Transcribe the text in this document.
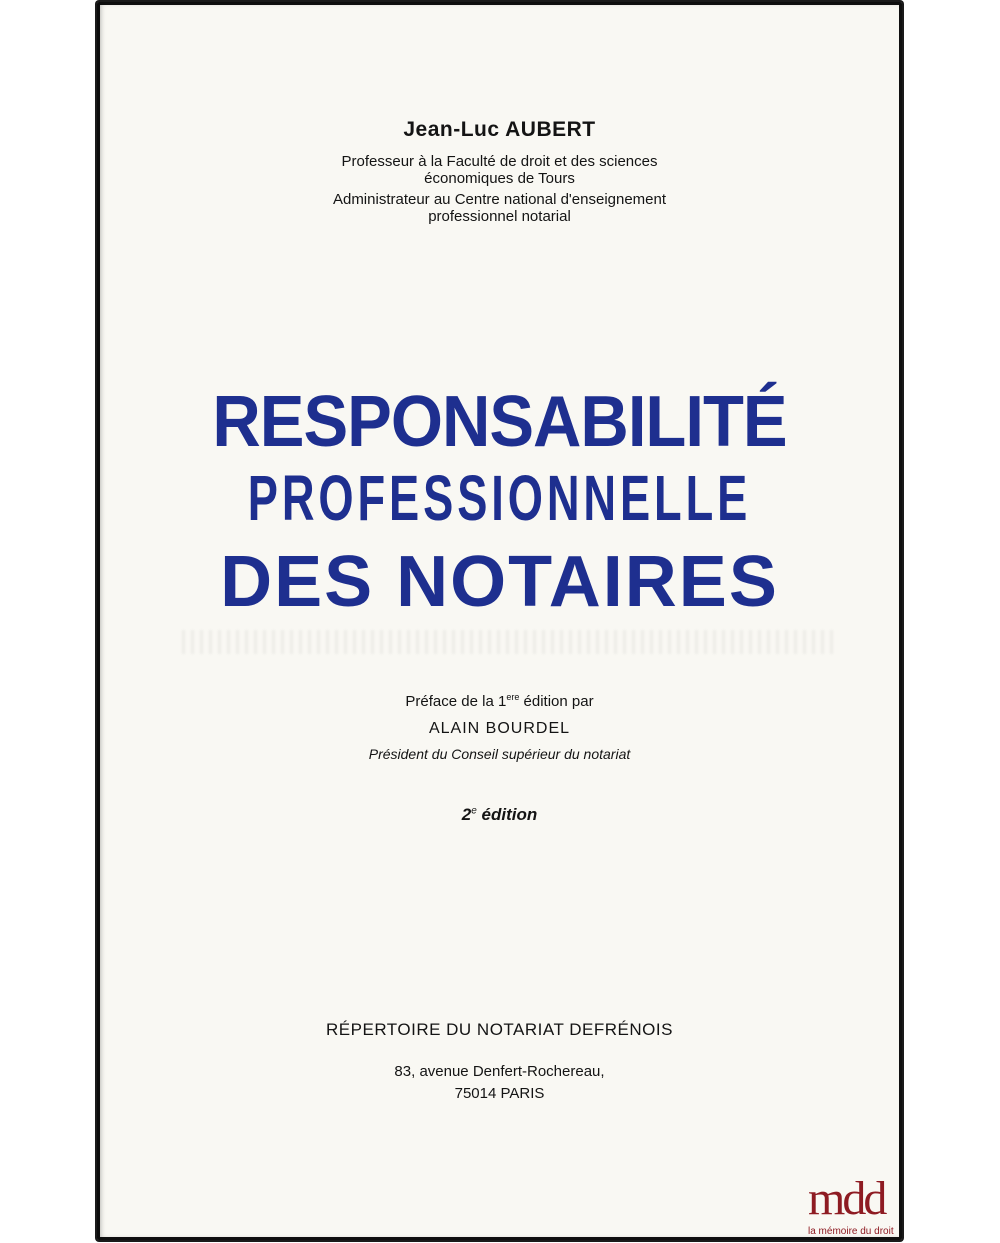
Jean-Luc AUBERT
Professeur à la Faculté de droit et des sciences
économiques de Tours
Administrateur au Centre national d'enseignement
professionnel notarial
RESPONSABILITÉ
PROFESSIONNELLE
DES NOTAIRES
Préface de la 1ere édition par
ALAIN BOURDEL
Président du Conseil supérieur du notariat
2e édition
RÉPERTOIRE DU NOTARIAT DEFRÉNOIS
83, avenue Denfert-Rochereau,
75014 PARIS
mdd
la mémoire du droit
